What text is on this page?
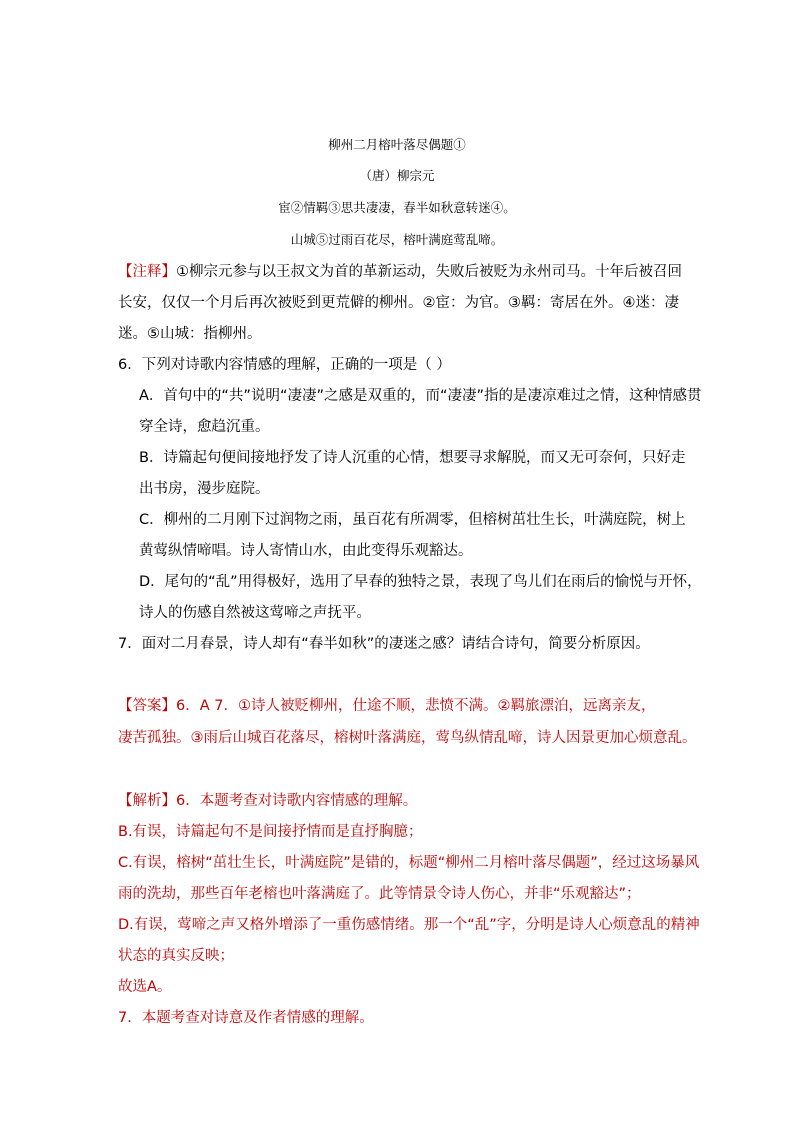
柳州二月榕叶落尽偶题①
（唐）柳宗元
宦②情羁③思共凄凄，春半如秋意转迷④。
山城⑤过雨百花尽，榕叶满庭莺乱啼。
【注释】①柳宗元参与以王叔文为首的革新运动，失败后被贬为永州司马。十年后被召回
长安，仅仅一个月后再次被贬到更荒僻的柳州。②宦：为官。③羁：寄居在外。④迷：凄
迷。⑤山城：指柳州。
6．下列对诗歌内容情感的理解，正确的一项是（ ）
A．首句中的“共”说明“凄凄”之感是双重的，而“凄凄”指的是凄凉难过之情，这种情感贯
穿全诗，愈趋沉重。
B．诗篇起句便间接地抒发了诗人沉重的心情，想要寻求解脱，而又无可奈何，只好走
出书房，漫步庭院。
C．柳州的二月刚下过润物之雨，虽百花有所凋零，但榕树茁壮生长，叶满庭院，树上
黄莺纵情啼唱。诗人寄情山水，由此变得乐观豁达。
D．尾句的“乱”用得极好，选用了早春的独特之景，表现了鸟儿们在雨后的愉悦与开怀，
诗人的伤感自然被这莺啼之声抚平。
7．面对二月春景，诗人却有“春半如秋”的凄迷之感？请结合诗句，简要分析原因。
【答案】6．A 7．①诗人被贬柳州，仕途不顺，悲愤不满。②羁旅漂泊，远离亲友，
凄苦孤独。③雨后山城百花落尽，榕树叶落满庭，莺鸟纵情乱啼，诗人因景更加心烦意乱。
【解析】6．本题考查对诗歌内容情感的理解。
B.有误，诗篇起句不是间接抒情而是直抒胸臆；
C.有误，榕树“茁壮生长，叶满庭院”是错的，标题“柳州二月榕叶落尽偶题”，经过这场暴风
雨的洗劫，那些百年老榕也叶落满庭了。此等情景令诗人伤心，并非“乐观豁达”；
D.有误，莺啼之声又格外增添了一重伤感情绪。那一个“乱”字，分明是诗人心烦意乱的精神
状态的真实反映；
故选A。
7．本题考查对诗意及作者情感的理解。
